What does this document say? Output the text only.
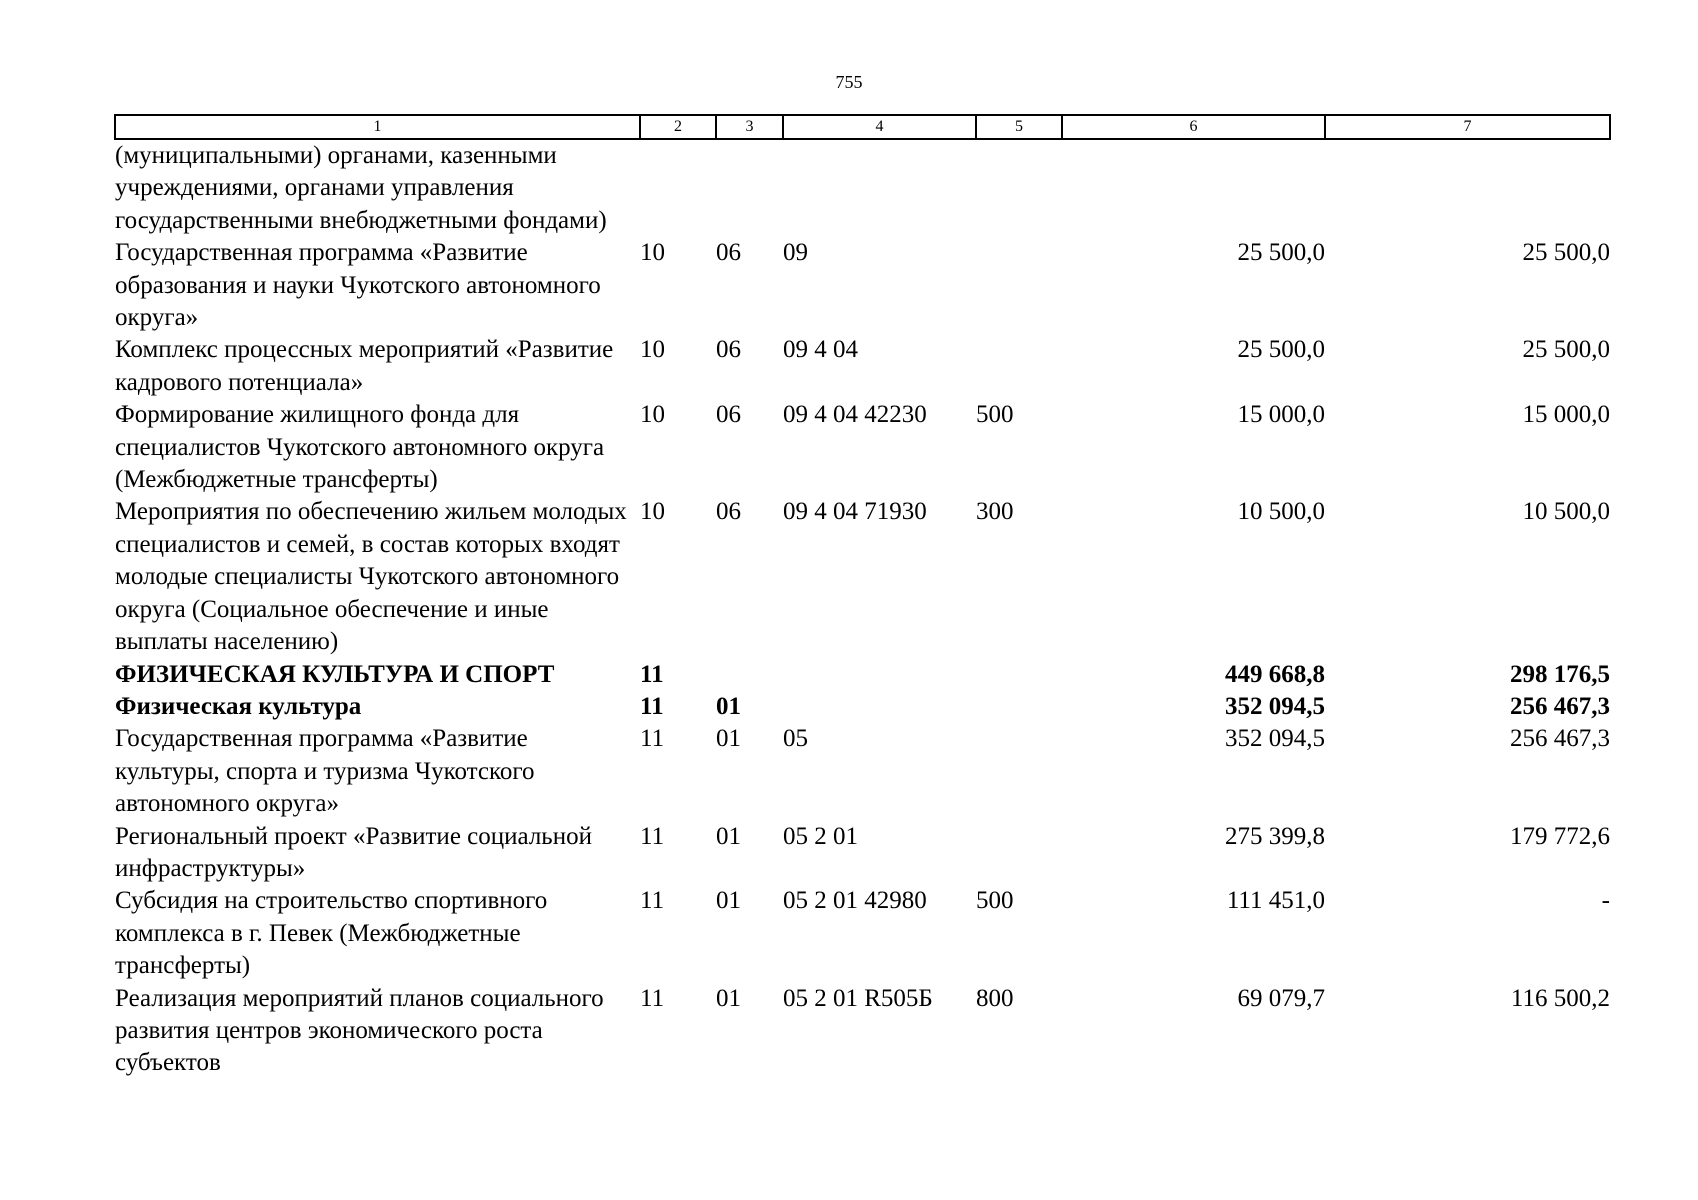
755
1	2	3	4	5	6	7
(муниципальными) органами, казенными учреждениями, органами управления государственными внебюджетными фондами)						
Государственная программа «Развитие образования и науки Чукотского автономного округа»	10	06	09		25 500,0	25 500,0
Комплекс процессных мероприятий «Развитие кадрового потенциала»	10	06	09 4 04		25 500,0	25 500,0
Формирование жилищного фонда для специалистов Чукотского автономного округа (Межбюджетные трансферты)	10	06	09 4 04 42230	500	15 000,0	15 000,0
Мероприятия по обеспечению жильем молодых специалистов и семей, в состав которых входят молодые специалисты Чукотского автономного округа (Социальное обеспечение и иные выплаты населению)	10	06	09 4 04 71930	300	10 500,0	10 500,0
ФИЗИЧЕСКАЯ КУЛЬТУРА И СПОРТ	11				449 668,8	298 176,5
Физическая культура	11	01			352 094,5	256 467,3
Государственная программа «Развитие культуры, спорта и туризма Чукотского автономного округа»	11	01	05		352 094,5	256 467,3
Региональный проект «Развитие социальной инфраструктуры»	11	01	05 2 01		275 399,8	179 772,6
Субсидия на строительство спортивного комплекса в г. Певек (Межбюджетные трансферты)	11	01	05 2 01 42980	500	111 451,0	-
Реализация мероприятий планов социального развития центров экономического роста субъектов	11	01	05 2 01 R505Б	800	69 079,7	116 500,2
